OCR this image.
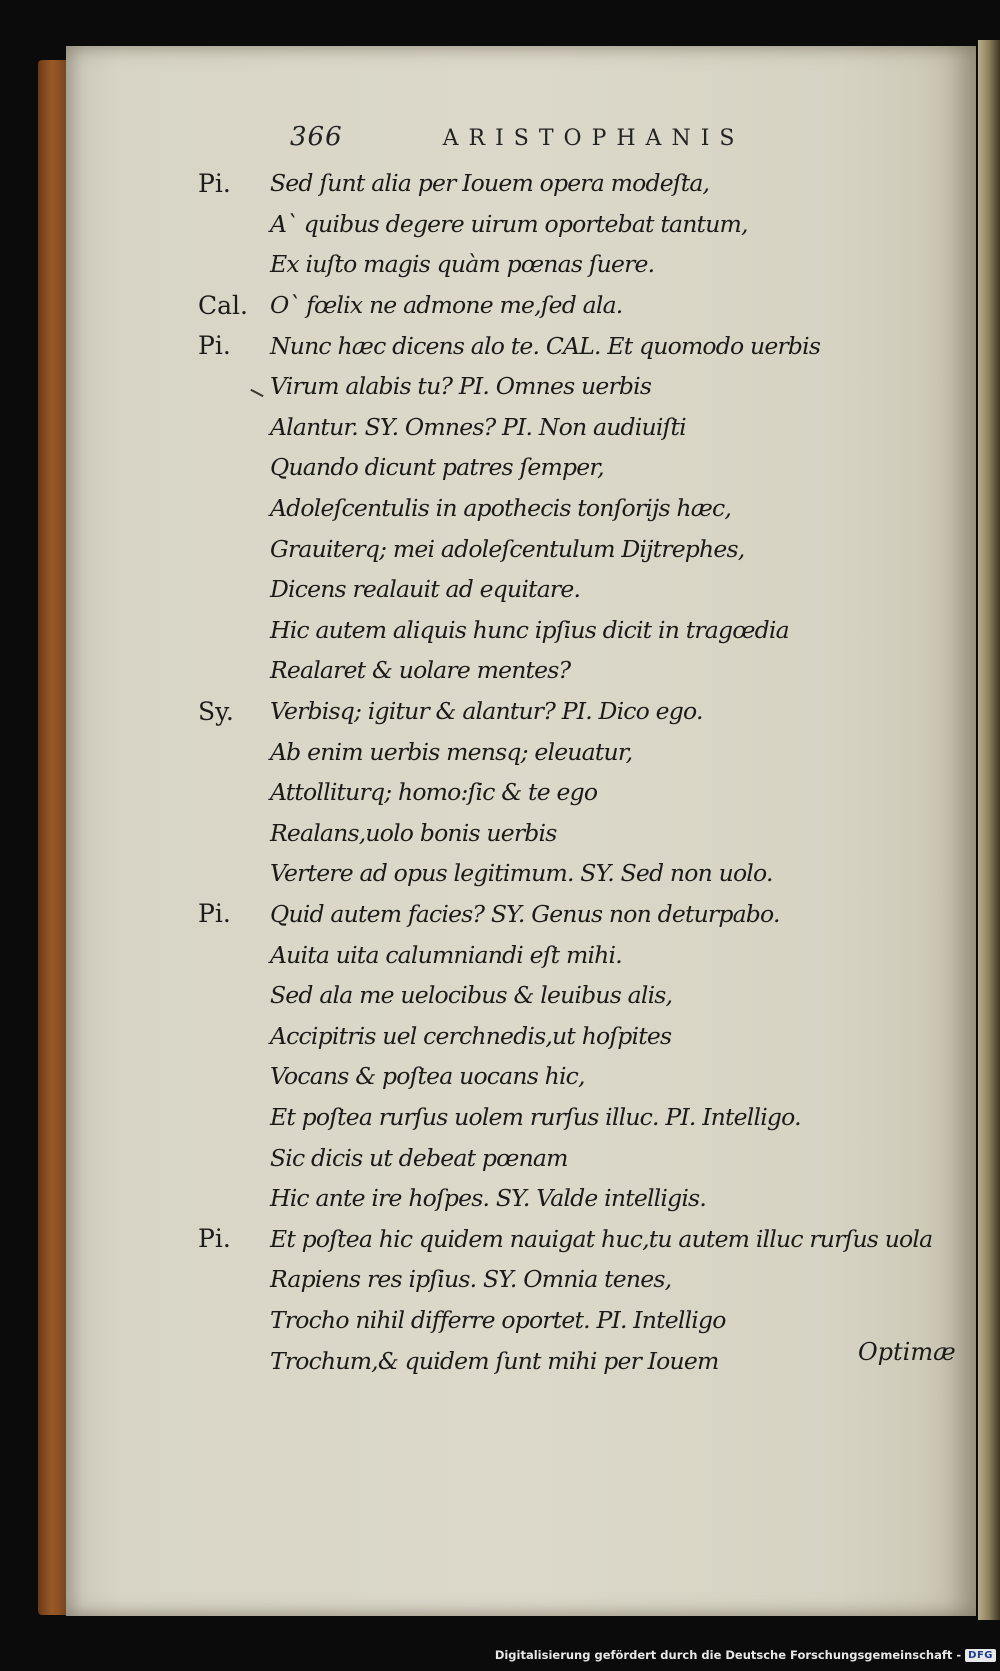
366	ARISTOPHANIS
Pi.	Sed ſunt alia per Iouem opera modeſta,
A` quibus degere uirum oportebat tantum,
Ex iuſto magis quàm pœnas ſuere.
Cal. O` fœlix ne admone me,ſed ala.
Pi.	Nunc hæc dicens alo te. CAL. Et quomodo uerbis
Virum alabis tu? PI. Omnes uerbis
Alantur. SY. Omnes? PI. Non audiuiſti
Quando dicunt patres ſemper,
Adoleſcentulis in apothecis tonſorijs hæc,
Grauiterq; mei adoleſcentulum Dijtrephes,
Dicens realauit ad equitare.
Hic autem aliquis hunc ipſius dicit in tragœdia
Realaret & uolare mentes?
Sy.	Verbisq; igitur & alantur? PI. Dico ego.
Ab enim uerbis mensq; eleuatur,
Attolliturq; homo:ſic & te ego
Realans,uolo bonis uerbis
Vertere ad opus legitimum. SY. Sed non uolo.
Pi.	Quid autem facies? SY. Genus non deturpabo.
Auita uita calumniandi eſt mihi.
Sed ala me uelocibus & leuibus alis,
Accipitris uel cerchnedis,ut hoſpites
Vocans & poſtea uocans hic,
Et poſtea rurſus uolem rurſus illuc. PI. Intelligo.
Sic dicis ut debeat pœnam
Hic ante ire hoſpes. SY. Valde intelligis.
Pi.	Et poſtea hic quidem nauigat huc,tu autem illuc rurſus uola
Rapiens res ipſius. SY. Omnia tenes,
Trocho nihil differre oportet. PI. Intelligo
Trochum,& quidem ſunt mihi per Iouem	Optimæ
Digitalisierung gefördert durch die Deutsche Forschungsgemeinschaft - DFG
